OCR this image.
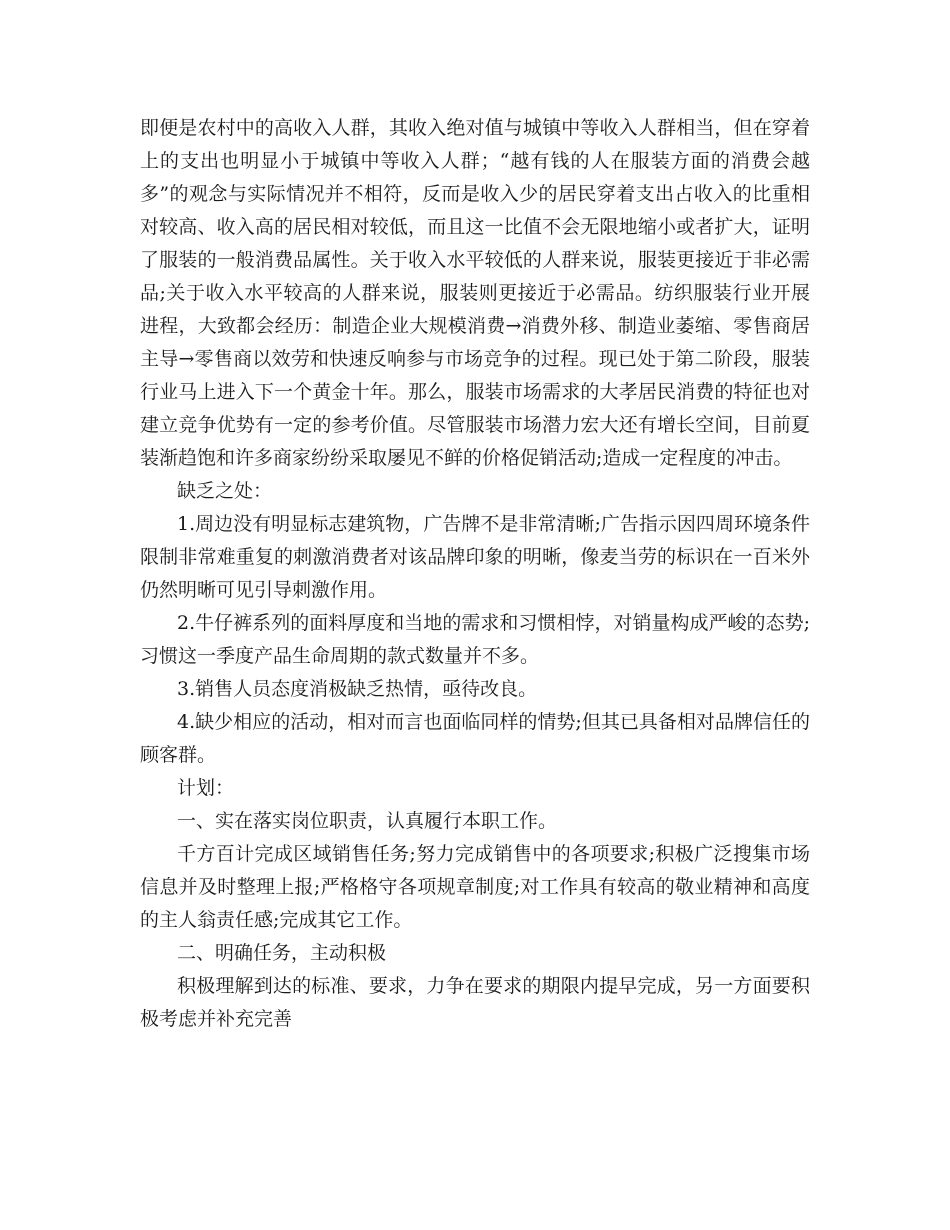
即便是农村中的高收入人群，其收入绝对值与城镇中等收入人群相当，但在穿着上的支出也明显小于城镇中等收入人群；“越有钱的人在服装方面的消费会越多”的观念与实际情况并不相符，反而是收入少的居民穿着支出占收入的比重相对较高、收入高的居民相对较低，而且这一比值不会无限地缩小或者扩大，证明了服装的一般消费品属性。关于收入水平较低的人群来说，服装更接近于非必需品;关于收入水平较高的人群来说，服装则更接近于必需品。纺织服装行业开展进程，大致都会经历：制造企业大规模消费→消费外移、制造业萎缩、零售商居主导→零售商以效劳和快速反响参与市场竞争的过程。现已处于第二阶段，服装行业马上进入下一个黄金十年。那么，服装市场需求的大孝居民消费的特征也对建立竞争优势有一定的参考价值。尽管服装市场潜力宏大还有增长空间，目前夏装渐趋饱和许多商家纷纷采取屡见不鲜的价格促销活动;造成一定程度的冲击。

缺乏之处：

1.周边没有明显标志建筑物，广告牌不是非常清晰;广告指示因四周环境条件限制非常难重复的刺激消费者对该品牌印象的明晰，像麦当劳的标识在一百米外仍然明晰可见引导刺激作用。

2.牛仔裤系列的面料厚度和当地的需求和习惯相悖，对销量构成严峻的态势;习惯这一季度产品生命周期的款式数量并不多。

3.销售人员态度消极缺乏热情，亟待改良。

4.缺少相应的活动，相对而言也面临同样的情势;但其已具备相对品牌信任的顾客群。

计划：

一、实在落实岗位职责，认真履行本职工作。

千方百计完成区域销售任务;努力完成销售中的各项要求;积极广泛搜集市场信息并及时整理上报;严格格守各项规章制度;对工作具有较高的敬业精神和高度的主人翁责任感;完成其它工作。

二、明确任务，主动积极

积极理解到达的标准、要求，力争在要求的期限内提早完成，另一方面要积极考虑并补充完善
